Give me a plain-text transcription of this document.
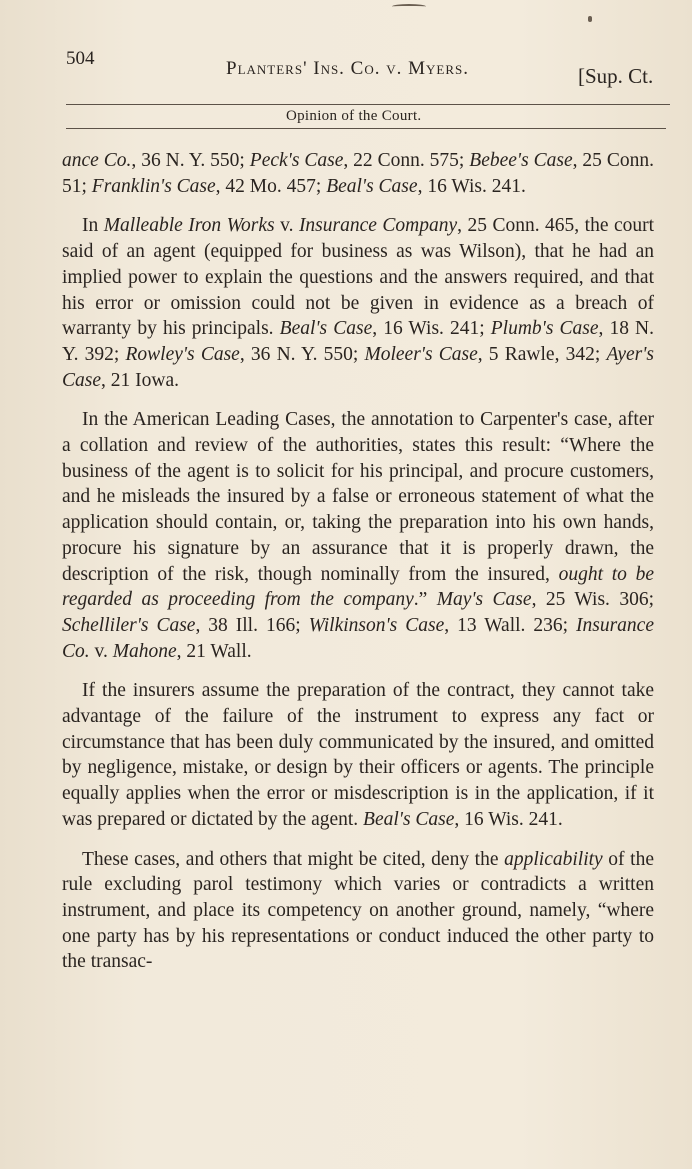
504	Planters' Ins. Co. v. Myers.	[Sup. Ct.
Opinion of the Court.

ance Co., 36 N. Y. 550; Peck's Case, 22 Conn. 575; Bebee's Case, 25 Conn. 51; Franklin's Case, 42 Mo. 457; Beal's Case, 16 Wis. 241.

In Malleable Iron Works v. Insurance Company, 25 Conn. 465, the court said of an agent (equipped for business as was Wilson), that he had an implied power to explain the questions and the answers required, and that his error or omission could not be given in evidence as a breach of warranty by his principals. Beal's Case, 16 Wis. 241; Plumb's Case, 18 N. Y. 392; Rowley's Case, 36 N. Y. 550; Moleer's Case, 5 Rawle, 342; Ayer's Case, 21 Iowa.

In the American Leading Cases, the annotation to Carpenter's case, after a collation and review of the authorities, states this result: “Where the business of the agent is to solicit for his principal, and procure customers, and he misleads the insured by a false or erroneous statement of what the application should contain, or, taking the preparation into his own hands, procure his signature by an assurance that it is properly drawn, the description of the risk, though nominally from the insured, ought to be regarded as proceeding from the company.” May's Case, 25 Wis. 306; Schelliler's Case, 38 Ill. 166; Wilkinson's Case, 13 Wall. 236; Insurance Co. v. Mahone, 21 Wall.

If the insurers assume the preparation of the contract, they cannot take advantage of the failure of the instrument to express any fact or circumstance that has been duly communicated by the insured, and omitted by negligence, mistake, or design by their officers or agents. The principle equally applies when the error or misdescription is in the application, if it was prepared or dictated by the agent. Beal's Case, 16 Wis. 241.

These cases, and others that might be cited, deny the applicability of the rule excluding parol testimony which varies or contradicts a written instrument, and place its competency on another ground, namely, “where one party has by his representations or conduct induced the other party to the transac-
